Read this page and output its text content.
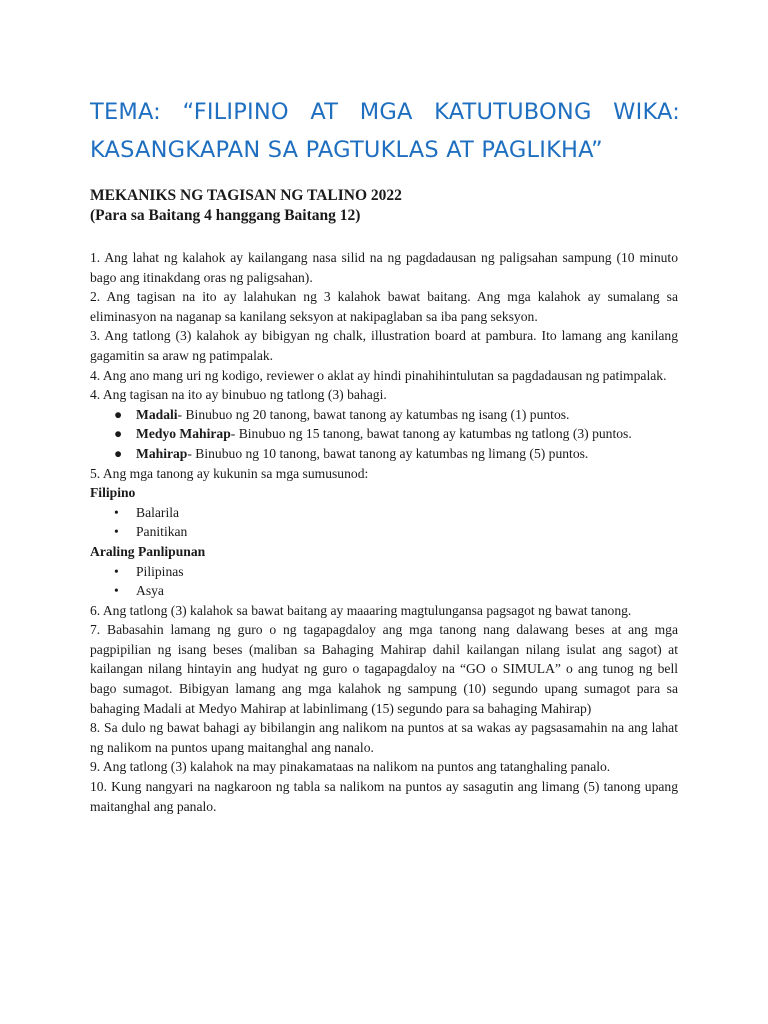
TEMA: “FILIPINO AT MGA KATUTUBONG WIKA:
KASANGKAPAN SA PAGTUKLAS AT PAGLIKHA”
MEKANIKS NG TAGISAN NG TALINO 2022
(Para sa Baitang 4 hanggang Baitang 12)

1. Ang lahat ng kalahok ay kailangang nasa silid na ng pagdadausan ng paligsahan sampung (10 minuto bago ang itinakdang oras ng paligsahan).

2. Ang tagisan na ito ay lalahukan ng 3 kalahok bawat baitang. Ang mga kalahok ay sumalang sa eliminasyon na naganap sa kanilang seksyon at nakipaglaban sa iba pang seksyon.

3. Ang tatlong (3) kalahok ay bibigyan ng chalk, illustration board at pambura. Ito lamang ang kanilang gagamitin sa araw ng patimpalak.

4. Ang ano mang uri ng kodigo, reviewer o aklat ay hindi pinahihintulutan sa pagdadausan ng patimpalak.

4. Ang tagisan na ito ay binubuo ng tatlong (3) bahagi.

● Madali- Binubuo ng 20 tanong, bawat tanong ay katumbas ng isang (1) puntos.
● Medyo Mahirap- Binubuo ng 15 tanong, bawat tanong ay katumbas ng tatlong (3) puntos.
● Mahirap- Binubuo ng 10 tanong, bawat tanong ay katumbas ng limang (5) puntos.

5. Ang mga tanong ay kukunin sa mga sumusunod:

Filipino

• Balarila
• Panitikan

Araling Panlipunan

• Pilipinas
• Asya

6. Ang tatlong (3) kalahok sa bawat baitang ay maaaring magtulungansa pagsagot ng bawat tanong.

7. Babasahin lamang ng guro o ng tagapagdaloy ang mga tanong nang dalawang beses at ang mga pagpipilian ng isang beses (maliban sa Bahaging Mahirap dahil kailangan nilang isulat ang sagot) at kailangan nilang hintayin ang hudyat ng guro o tagapagdaloy na “GO o SIMULA” o ang tunog ng bell bago sumagot. Bibigyan lamang ang mga kalahok ng sampung (10) segundo upang sumagot para sa bahaging Madali at Medyo Mahirap at labinlimang (15) segundo para sa bahaging Mahirap)

8. Sa dulo ng bawat bahagi ay bibilangin ang nalikom na puntos at sa wakas ay pagsasamahin na ang lahat ng nalikom na puntos upang maitanghal ang nanalo.

9. Ang tatlong (3) kalahok na may pinakamataas na nalikom na puntos ang tatanghaling panalo.

10. Kung nangyari na nagkaroon ng tabla sa nalikom na puntos ay sasagutin ang limang (5) tanong upang maitanghal ang panalo.
